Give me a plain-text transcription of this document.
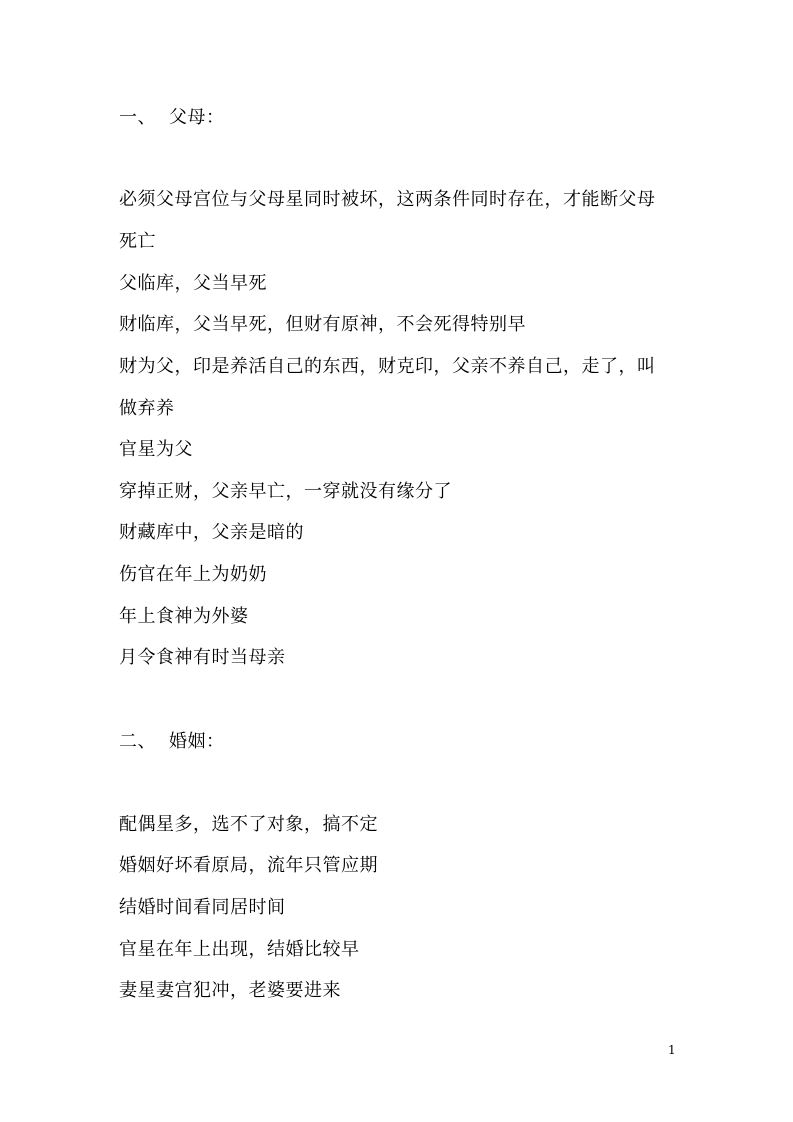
一、 父母：
必须父母宫位与父母星同时被坏，这两条件同时存在，才能断父母
死亡
父临库，父当早死
财临库，父当早死，但财有原神，不会死得特别早
财为父，印是养活自己的东西，财克印，父亲不养自己，走了，叫
做弃养
官星为父
穿掉正财，父亲早亡，一穿就没有缘分了
财藏库中，父亲是暗的
伤官在年上为奶奶
年上食神为外婆
月令食神有时当母亲
二、 婚姻：
配偶星多，选不了对象，搞不定
婚姻好坏看原局，流年只管应期
结婚时间看同居时间
官星在年上出现，结婚比较早
妻星妻宫犯冲，老婆要进来
1
